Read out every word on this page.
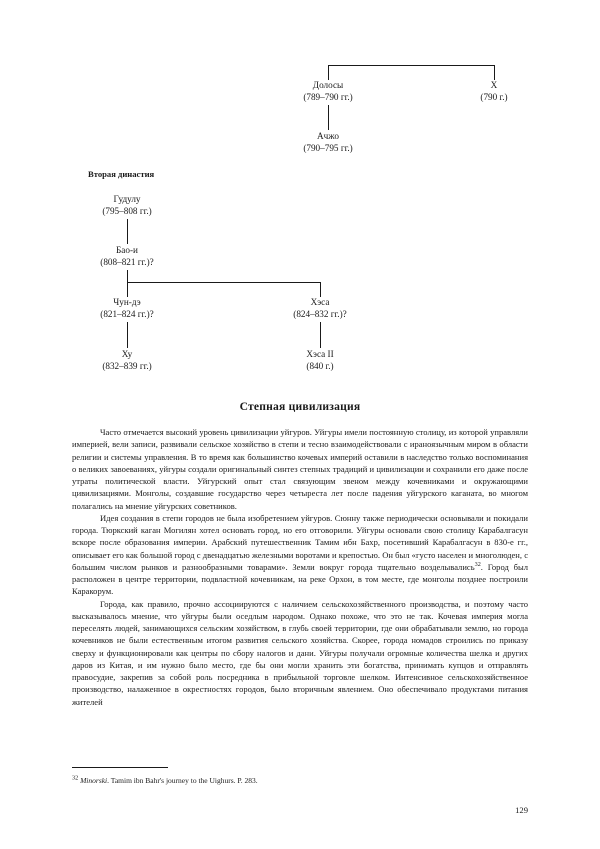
Долосы
(789–790 гг.)
X
(790 г.)
Ачжо
(790–795 гг.)
Вторая династия
Гудулу
(795–808 гг.)
Бао-и
(808–821 гг.)?
Чун-дэ
(821–824 гг.)?
Хэса
(824–832 гг.)?
Ху
(832–839 гг.)
Хэса II
(840 г.)
Степная цивилизация

Часто отмечается высокий уровень цивилизации уйгуров. Уйгуры имели постоянную столицу, из которой управляли империей, вели записи, развивали сельское хозяйство в степи и тесно взаимодействовали с ираноязычным миром в области религии и системы управления. В то время как большинство кочевых империй оставили в наследство только воспоминания о великих завоеваниях, уйгуры создали оригинальный синтез степных традиций и цивилизации и сохранили его даже после утраты политической власти. Уйгурский опыт стал связующим звеном между кочевниками и окружающими цивилизациями. Монголы, создавшие государство через четыреста лет после падения уйгурского каганата, во многом полагались на мнение уйгурских советников.

Идея создания в степи городов не была изобретением уйгуров. Сюнну также периодически основывали и покидали города. Тюркский каган Могилян хотел основать город, но его отговорили. Уйгуры основали свою столицу Карабалгасун вскоре после образования империи. Арабский путешественник Тамим ибн Бахр, посетивший Карабалгасун в 830-е гг., описывает его как большой город с двенадцатью железными воротами и крепостью. Он был «густо населен и многолюден, с большим числом рынков и разнообразными товарами». Земли вокруг города тщательно возделывались$^{32}$. Город был расположен в центре территории, подвластной кочевникам, на реке Орхон, в том месте, где монголы позднее построили Каракорум.

Города, как правило, прочно ассоциируются с наличием сельскохозяйственного производства, и поэтому часто высказывалось мнение, что уйгуры были оседлым народом. Однако похоже, что это не так. Кочевая империя могла переселять людей, занимающихся сельским хозяйством, в глубь своей территории, где они обрабатывали землю, но города кочевников не были естественным итогом развития сельского хозяйства. Скорее, города номадов строились по приказу сверху и функционировали как центры по сбору налогов и дани. Уйгуры получали огромные количества шелка и других даров из Китая, и им нужно было место, где бы они могли хранить эти богатства, принимать купцов и отправлять правосудие, закрепив за собой роль посредника в прибыльной торговле шелком. Интенсивное сельскохозяйственное производство, налаженное в окрестностях городов, было вторичным явлением. Оно обеспечивало продуктами питания жителей

$^{32}$ Minorski. Tamim ibn Bahr's journey to the Uighurs. P. 283.
129
